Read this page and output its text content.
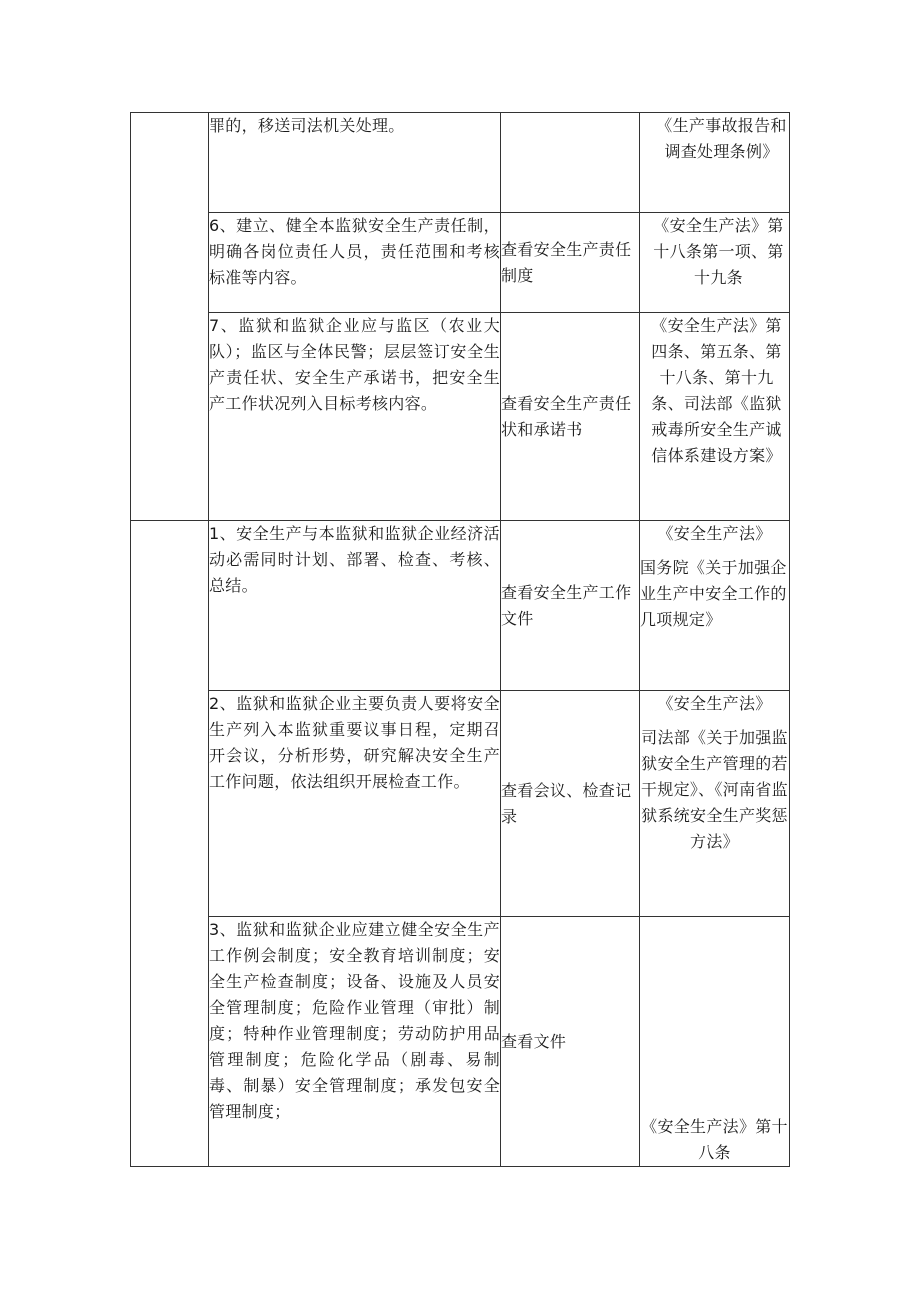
	罪的，移送司法机关处理。		《生产事故报告和调查处理条例》

	6、建立、健全本监狱安全生产责任制，明确各岗位责任人员，责任范围和考核标准等内容。	查看安全生产责任制度	《安全生产法》第十八条第一项、第十九条

	7、监狱和监狱企业应与监区（农业大队）；监区与全体民警；层层签订安全生产责任状、安全生产承诺书，把安全生产工作状况列入目标考核内容。	查看安全生产责任状和承诺书	《安全生产法》第四条、第五条、第十八条、第十九条、司法部《监狱戒毒所安全生产诚信体系建设方案》

	1、安全生产与本监狱和监狱企业经济活动必需同时计划、部署、检查、考核、总结。	查看安全生产工作文件	《安全生产法》
国务院《关于加强企业生产中安全工作的几项规定》

	2、监狱和监狱企业主要负责人要将安全生产列入本监狱重要议事日程，定期召开会议，分析形势，研究解决安全生产工作问题，依法组织开展检查工作。	查看会议、检查记录	《安全生产法》
司法部《关于加强监狱安全生产管理的若干规定》、《河南省监狱系统安全生产奖惩方法》

	3、监狱和监狱企业应建立健全安全生产工作例会制度；安全教育培训制度；安全生产检查制度；设备、设施及人员安全管理制度；危险作业管理（审批）制度；特种作业管理制度；劳动防护用品管理制度；危险化学品（剧毒、易制毒、制暴）安全管理制度；承发包安全管理制度；	查看文件	《安全生产法》第十八条
